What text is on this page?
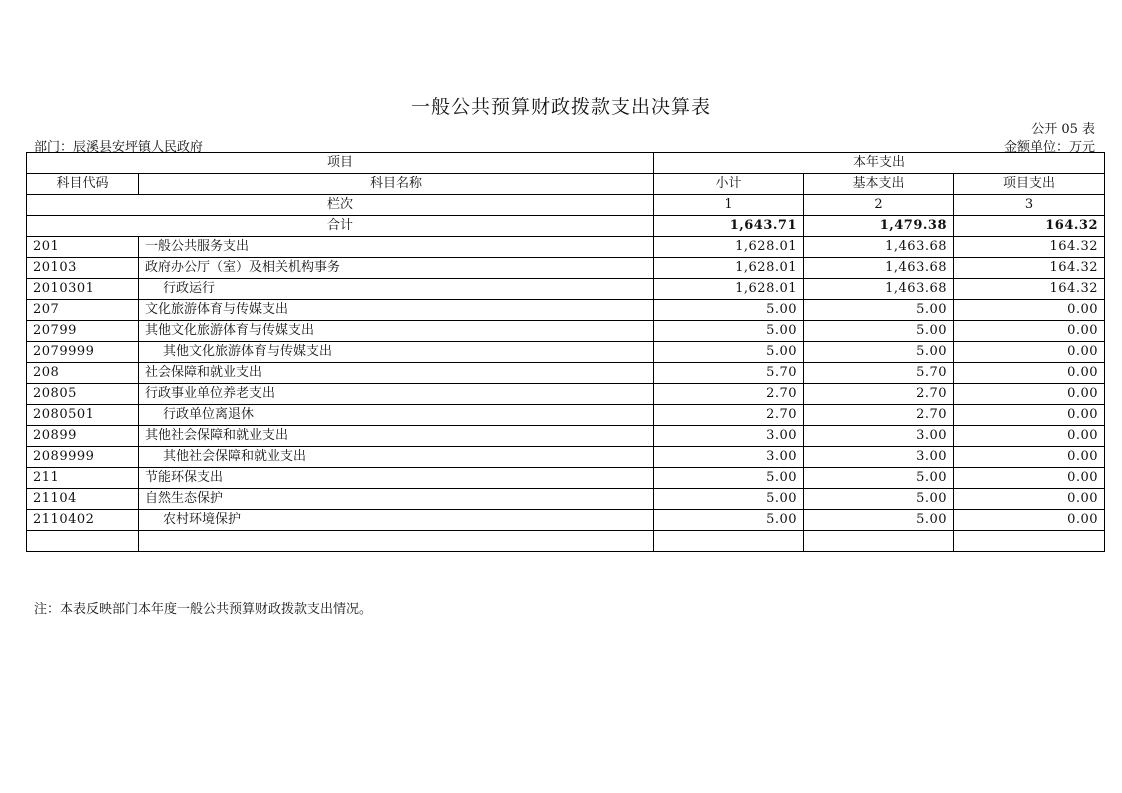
一般公共预算财政拨款支出决算表
公开 05 表
部门：辰溪县安坪镇人民政府	金额单位：万元
项目		本年支出		
科目代码	科目名称	小计	基本支出	项目支出
栏次		1	2	3
合计		1,643.71	1,479.38	164.32
201	一般公共服务支出	1,628.01	1,463.68	164.32
20103	政府办公厅（室）及相关机构事务	1,628.01	1,463.68	164.32
2010301	行政运行	1,628.01	1,463.68	164.32
207	文化旅游体育与传媒支出	5.00	5.00	0.00
20799	其他文化旅游体育与传媒支出	5.00	5.00	0.00
2079999	其他文化旅游体育与传媒支出	5.00	5.00	0.00
208	社会保障和就业支出	5.70	5.70	0.00
20805	行政事业单位养老支出	2.70	2.70	0.00
2080501	行政单位离退休	2.70	2.70	0.00
20899	其他社会保障和就业支出	3.00	3.00	0.00
2089999	其他社会保障和就业支出	3.00	3.00	0.00
211	节能环保支出	5.00	5.00	0.00
21104	自然生态保护	5.00	5.00	0.00
2110402	农村环境保护	5.00	5.00	0.00

注：本表反映部门本年度一般公共预算财政拨款支出情况。
